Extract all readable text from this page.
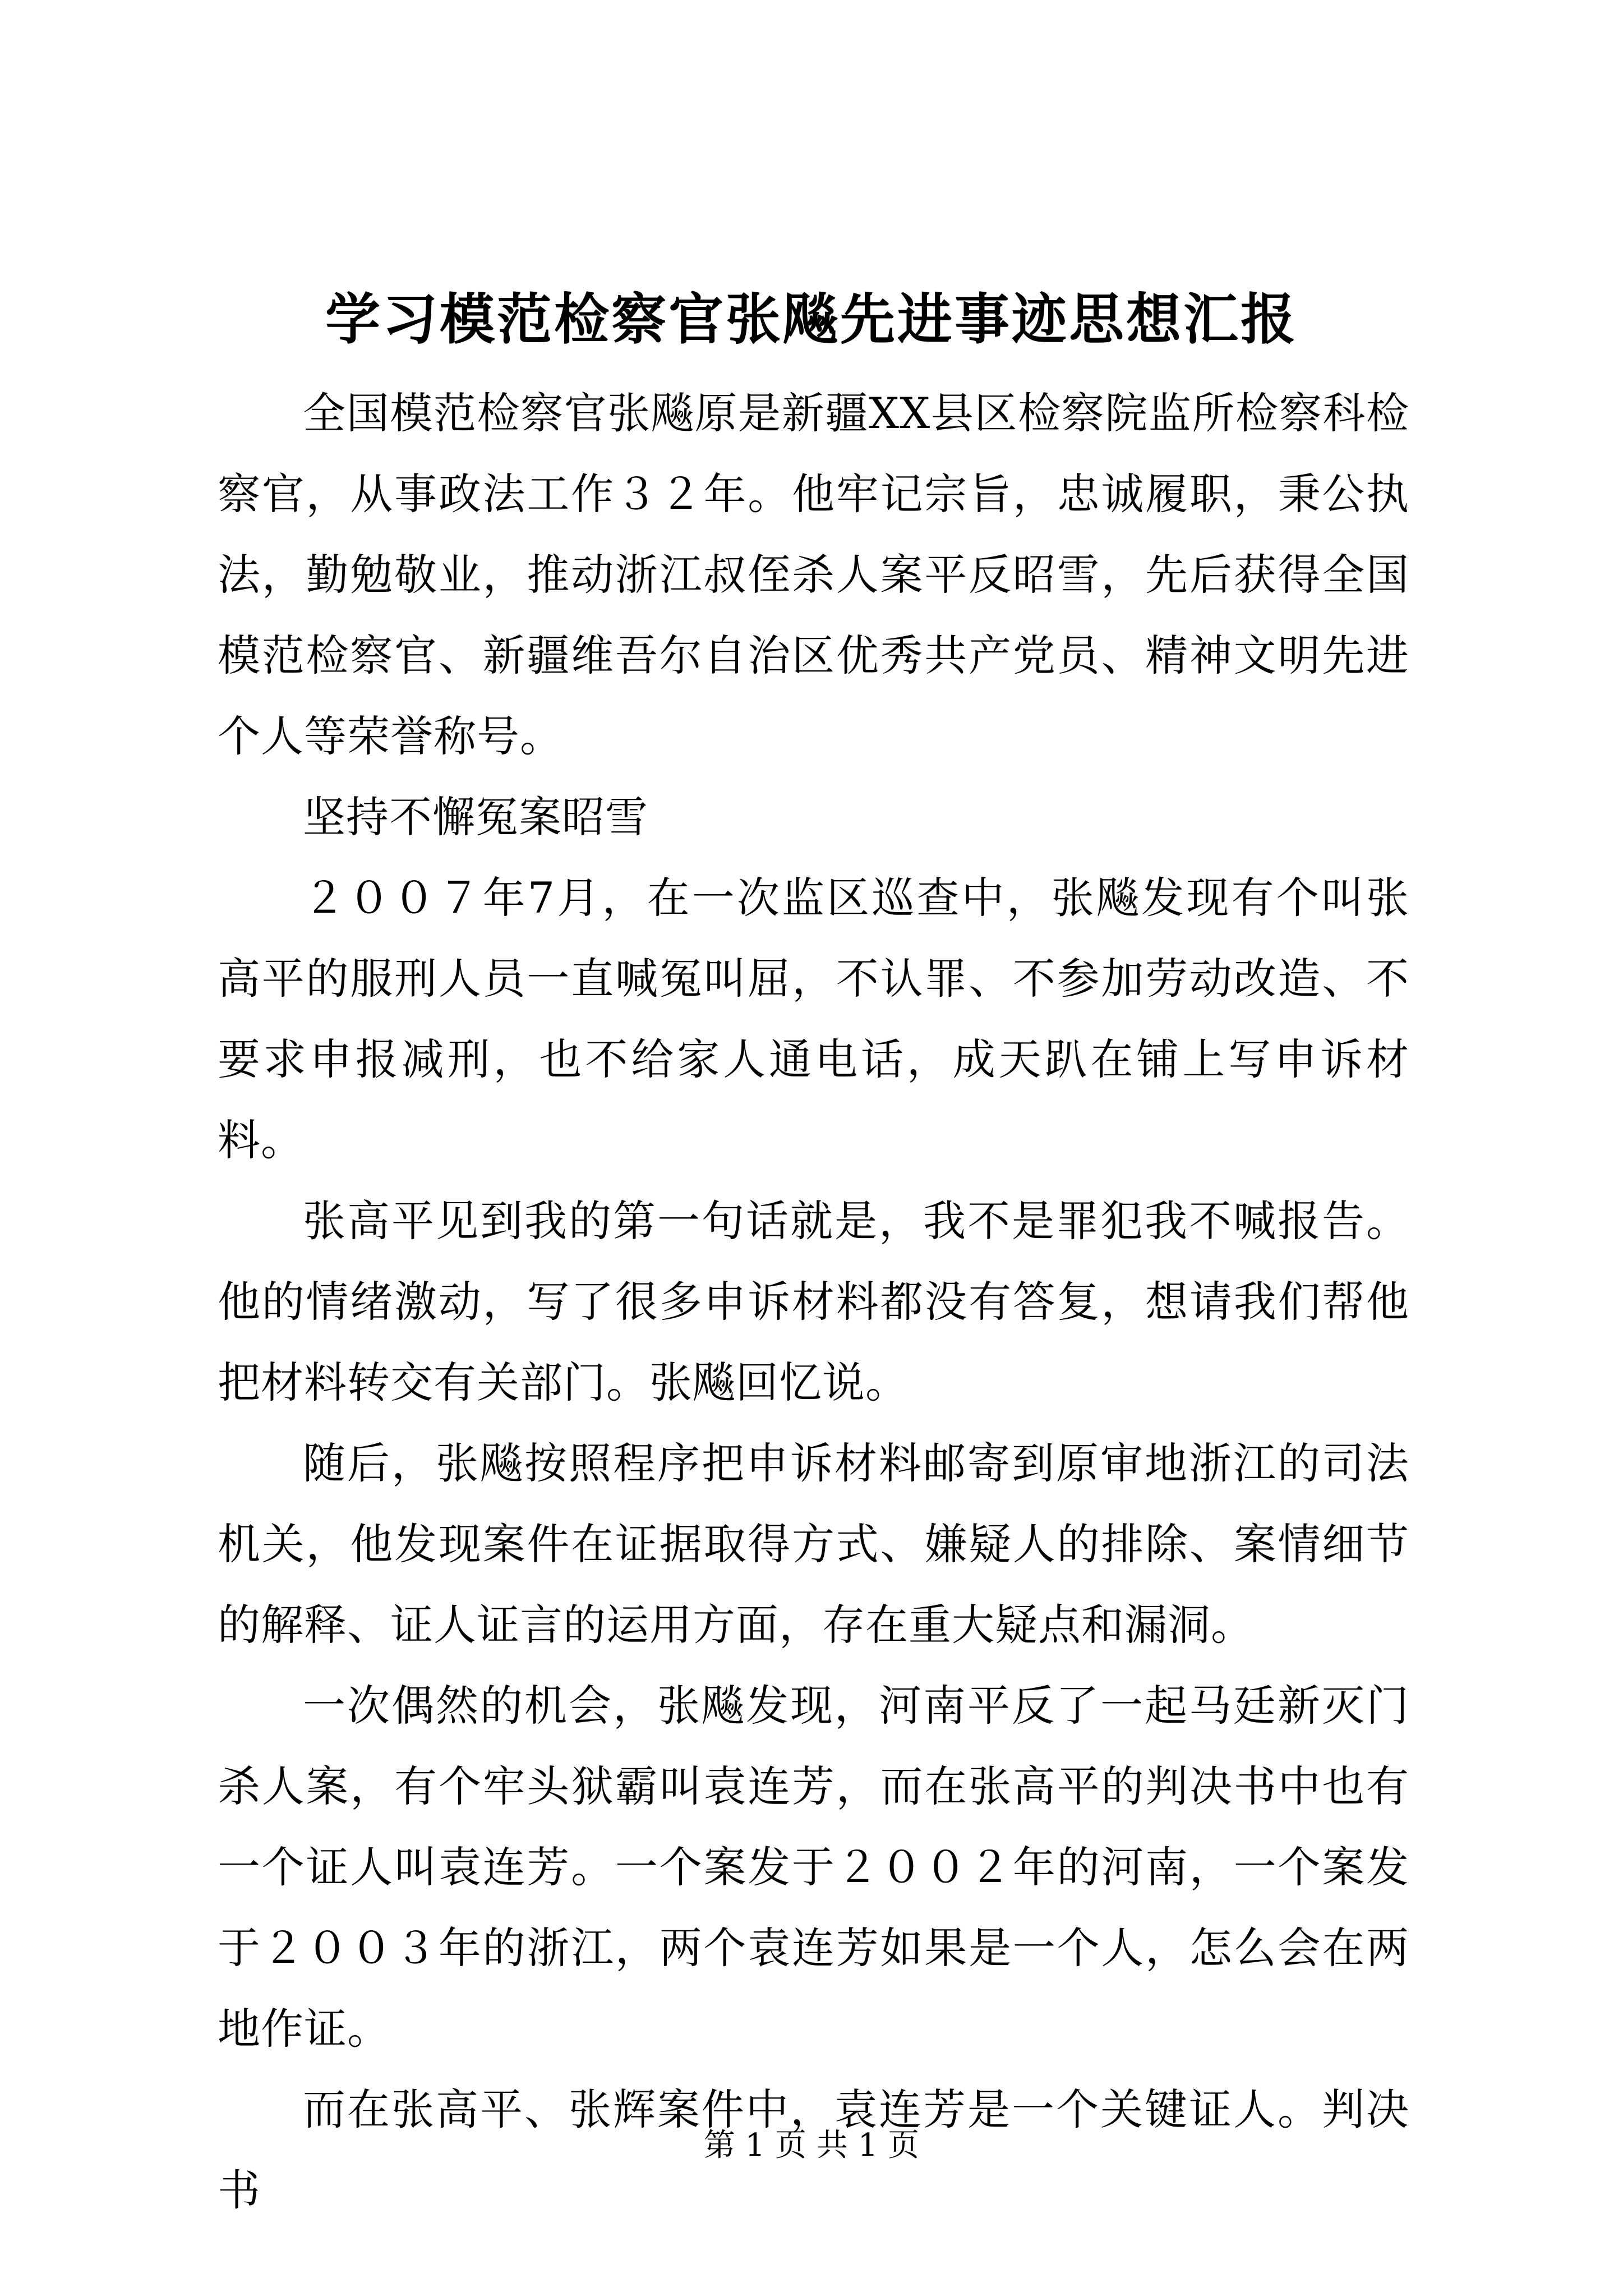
学习模范检察官张飚先进事迹思想汇报

全国模范检察官张飚原是新疆XX县区检察院监所检察科检察官，从事政法工作３２年。他牢记宗旨，忠诚履职，秉公执法，勤勉敬业，推动浙江叔侄杀人案平反昭雪，先后获得全国模范检察官、新疆维吾尔自治区优秀共产党员、精神文明先进个人等荣誉称号。

坚持不懈冤案昭雪

２００７年7月，在一次监区巡查中，张飚发现有个叫张高平的服刑人员一直喊冤叫屈，不认罪、不参加劳动改造、不要求申报减刑，也不给家人通电话，成天趴在铺上写申诉材料。

张高平见到我的第一句话就是，我不是罪犯我不喊报告。他的情绪激动，写了很多申诉材料都没有答复，想请我们帮他把材料转交有关部门。张飚回忆说。

随后，张飚按照程序把申诉材料邮寄到原审地浙江的司法机关，他发现案件在证据取得方式、嫌疑人的排除、案情细节的解释、证人证言的运用方面，存在重大疑点和漏洞。

一次偶然的机会，张飚发现，河南平反了一起马廷新灭门杀人案，有个牢头狱霸叫袁连芳，而在张高平的判决书中也有一个证人叫袁连芳。一个案发于２００２年的河南，一个案发于２００３年的浙江，两个袁连芳如果是一个人，怎么会在两地作证。

而在张高平、张辉案件中，袁连芳是一个关键证人。判决书

第 1 页 共 1 页
